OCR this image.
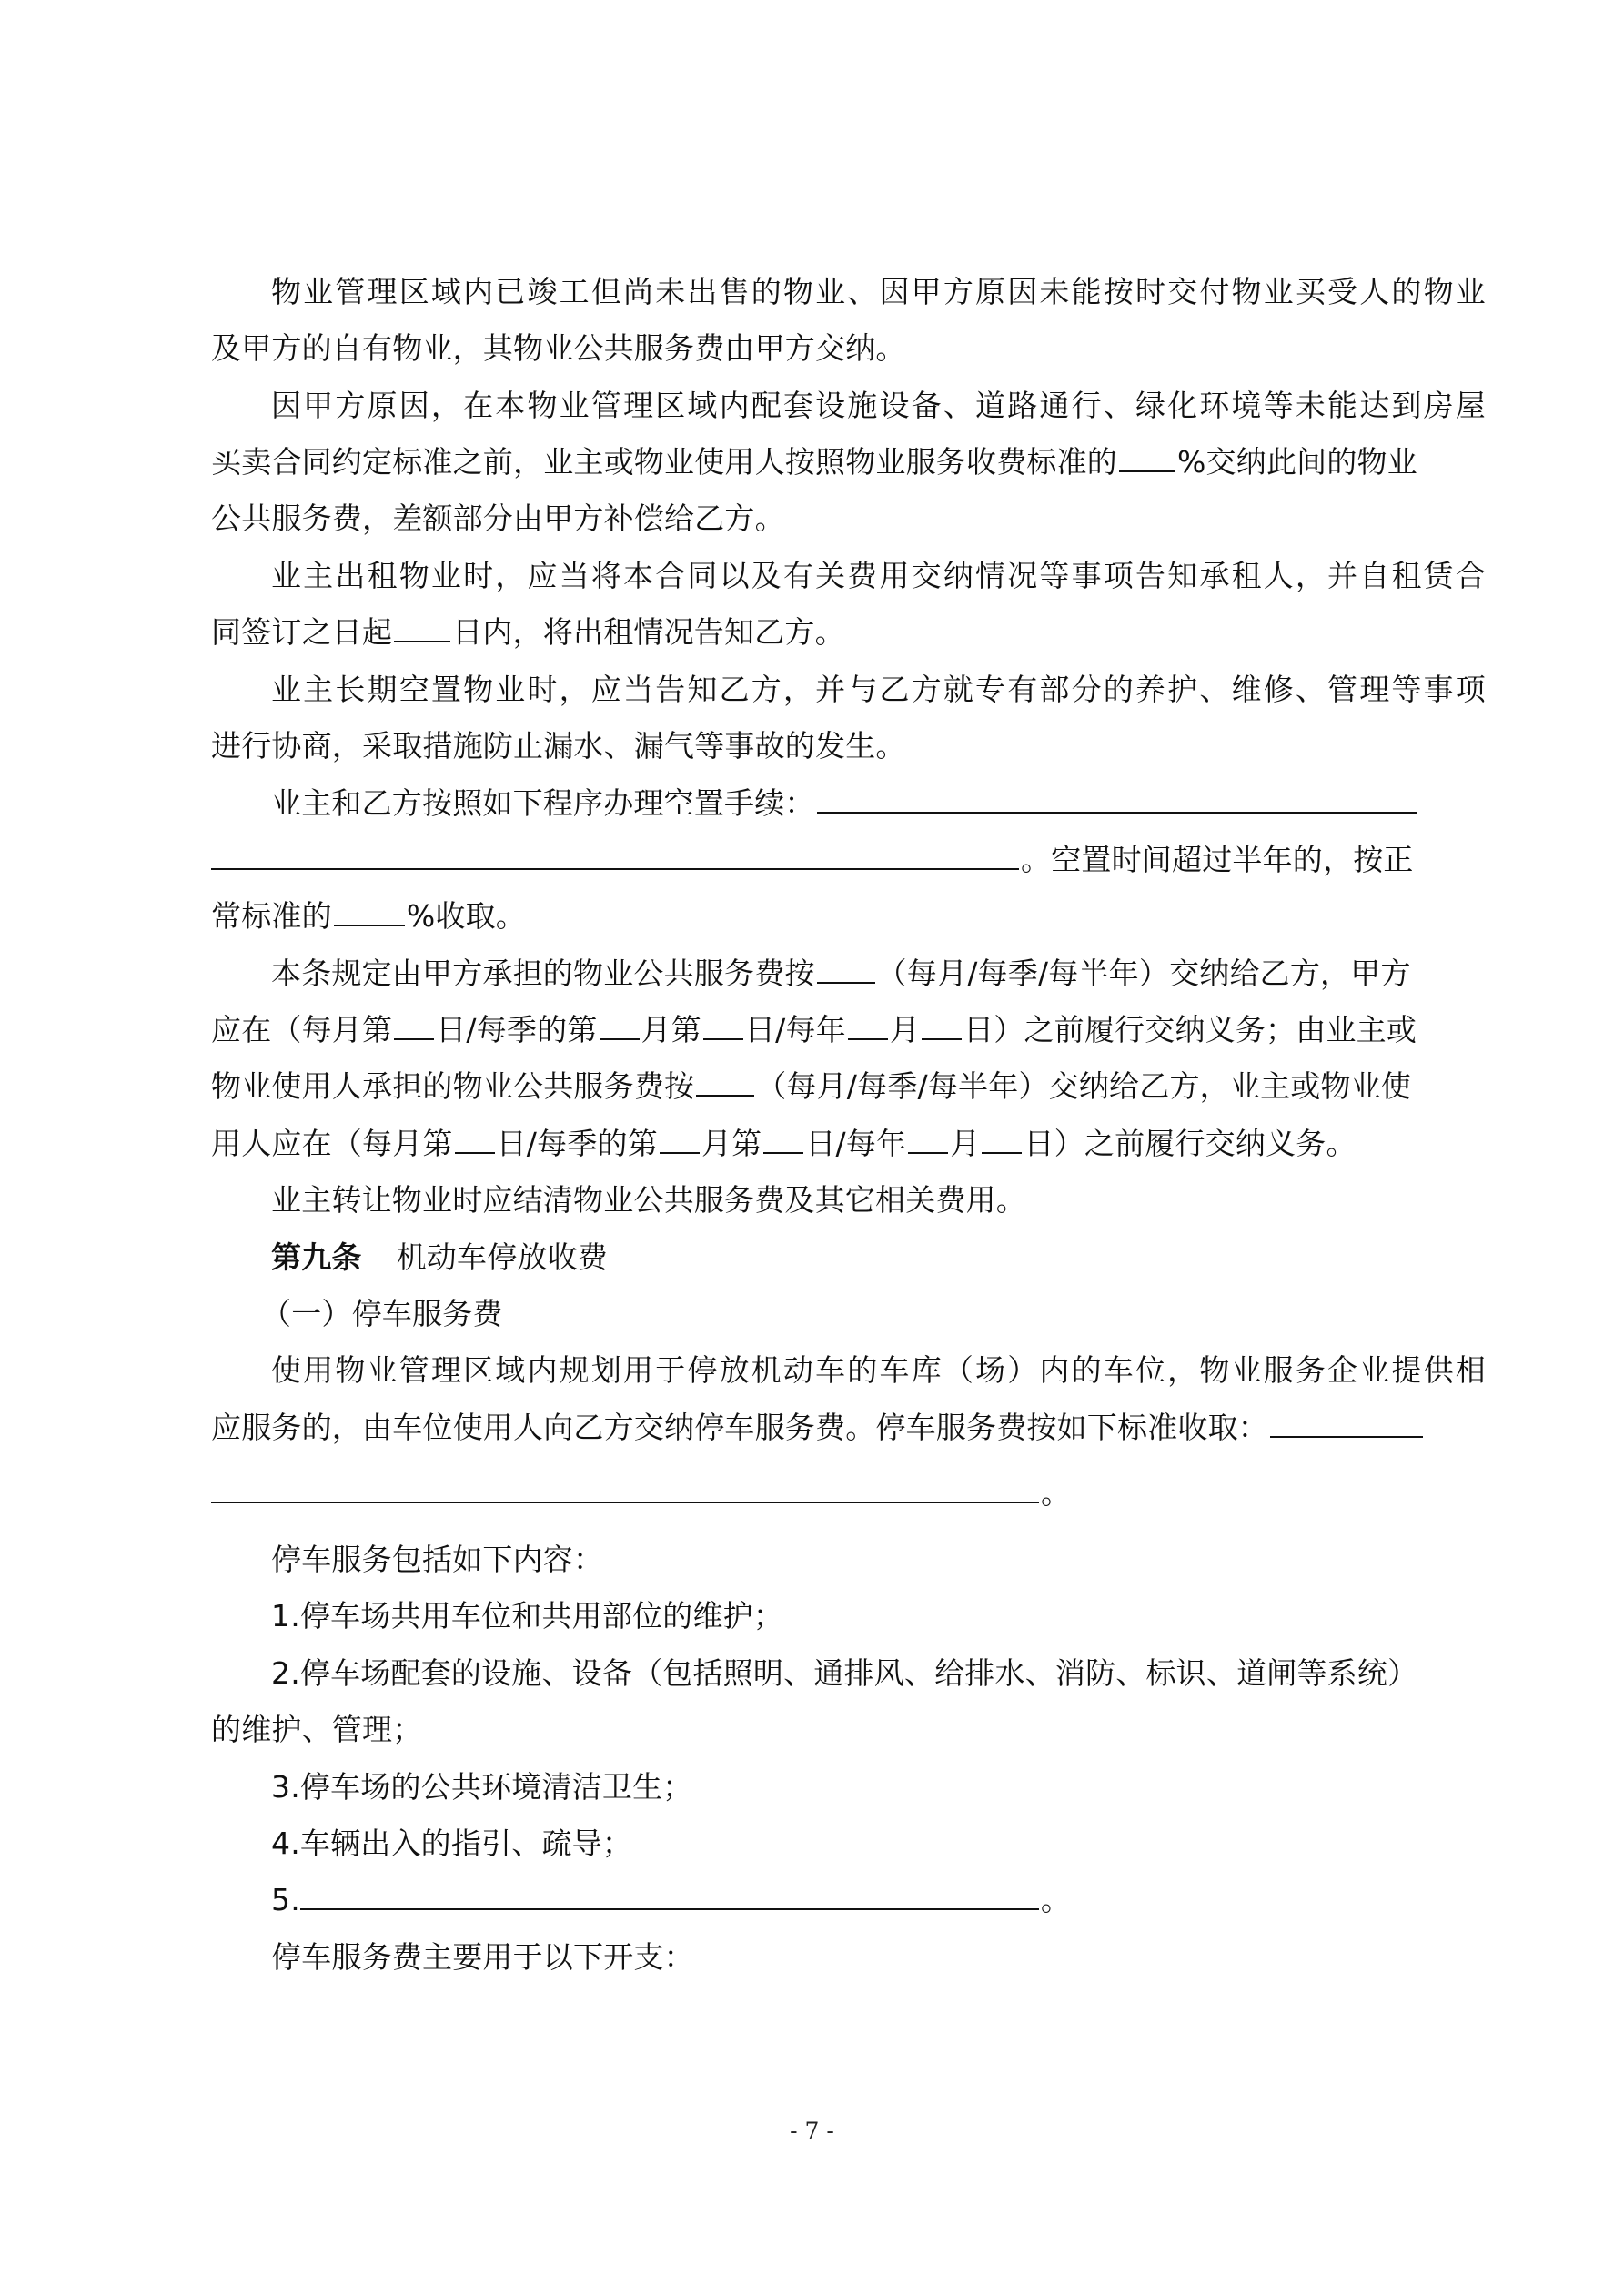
物业管理区域内已竣工但尚未出售的物业、因甲方原因未能按时交付物业买受人的物业
及甲方的自有物业，其物业公共服务费由甲方交纳。
因甲方原因，在本物业管理区域内配套设施设备、道路通行、绿化环境等未能达到房屋
买卖合同约定标准之前，业主或物业使用人按照物业服务收费标准的 %交纳此间的物业
公共服务费，差额部分由甲方补偿给乙方。
业主出租物业时，应当将本合同以及有关费用交纳情况等事项告知承租人，并自租赁合
同签订之日起 日内，将出租情况告知乙方。
业主长期空置物业时，应当告知乙方，并与乙方就专有部分的养护、维修、管理等事项
进行协商，采取措施防止漏水、漏气等事故的发生。
业主和乙方按照如下程序办理空置手续：
。空置时间超过半年的，按正
常标准的 %收取。
本条规定由甲方承担的物业公共服务费按 （每月/每季/每半年）交纳给乙方，甲方
应在（每月第 日/每季的第 月第 日/每年 月 日）之前履行交纳义务；由业主或
物业使用人承担的物业公共服务费按 （每月/每季/每半年）交纳给乙方，业主或物业使
用人应在（每月第 日/每季的第 月第 日/每年 月 日）之前履行交纳义务。
业主转让物业时应结清物业公共服务费及其它相关费用。
第九条 机动车停放收费
（一）停车服务费
使用物业管理区域内规划用于停放机动车的车库（场）内的车位，物业服务企业提供相
应服务的，由车位使用人向乙方交纳停车服务费。停车服务费按如下标准收取：
。
停车服务包括如下内容：
1.停车场共用车位和共用部位的维护；
2.停车场配套的设施、设备（包括照明、通排风、给排水、消防、标识、道闸等系统）
的维护、管理；
3.停车场的公共环境清洁卫生；
4.车辆出入的指引、疏导；
5.	。
停车服务费主要用于以下开支：
- 7 -
